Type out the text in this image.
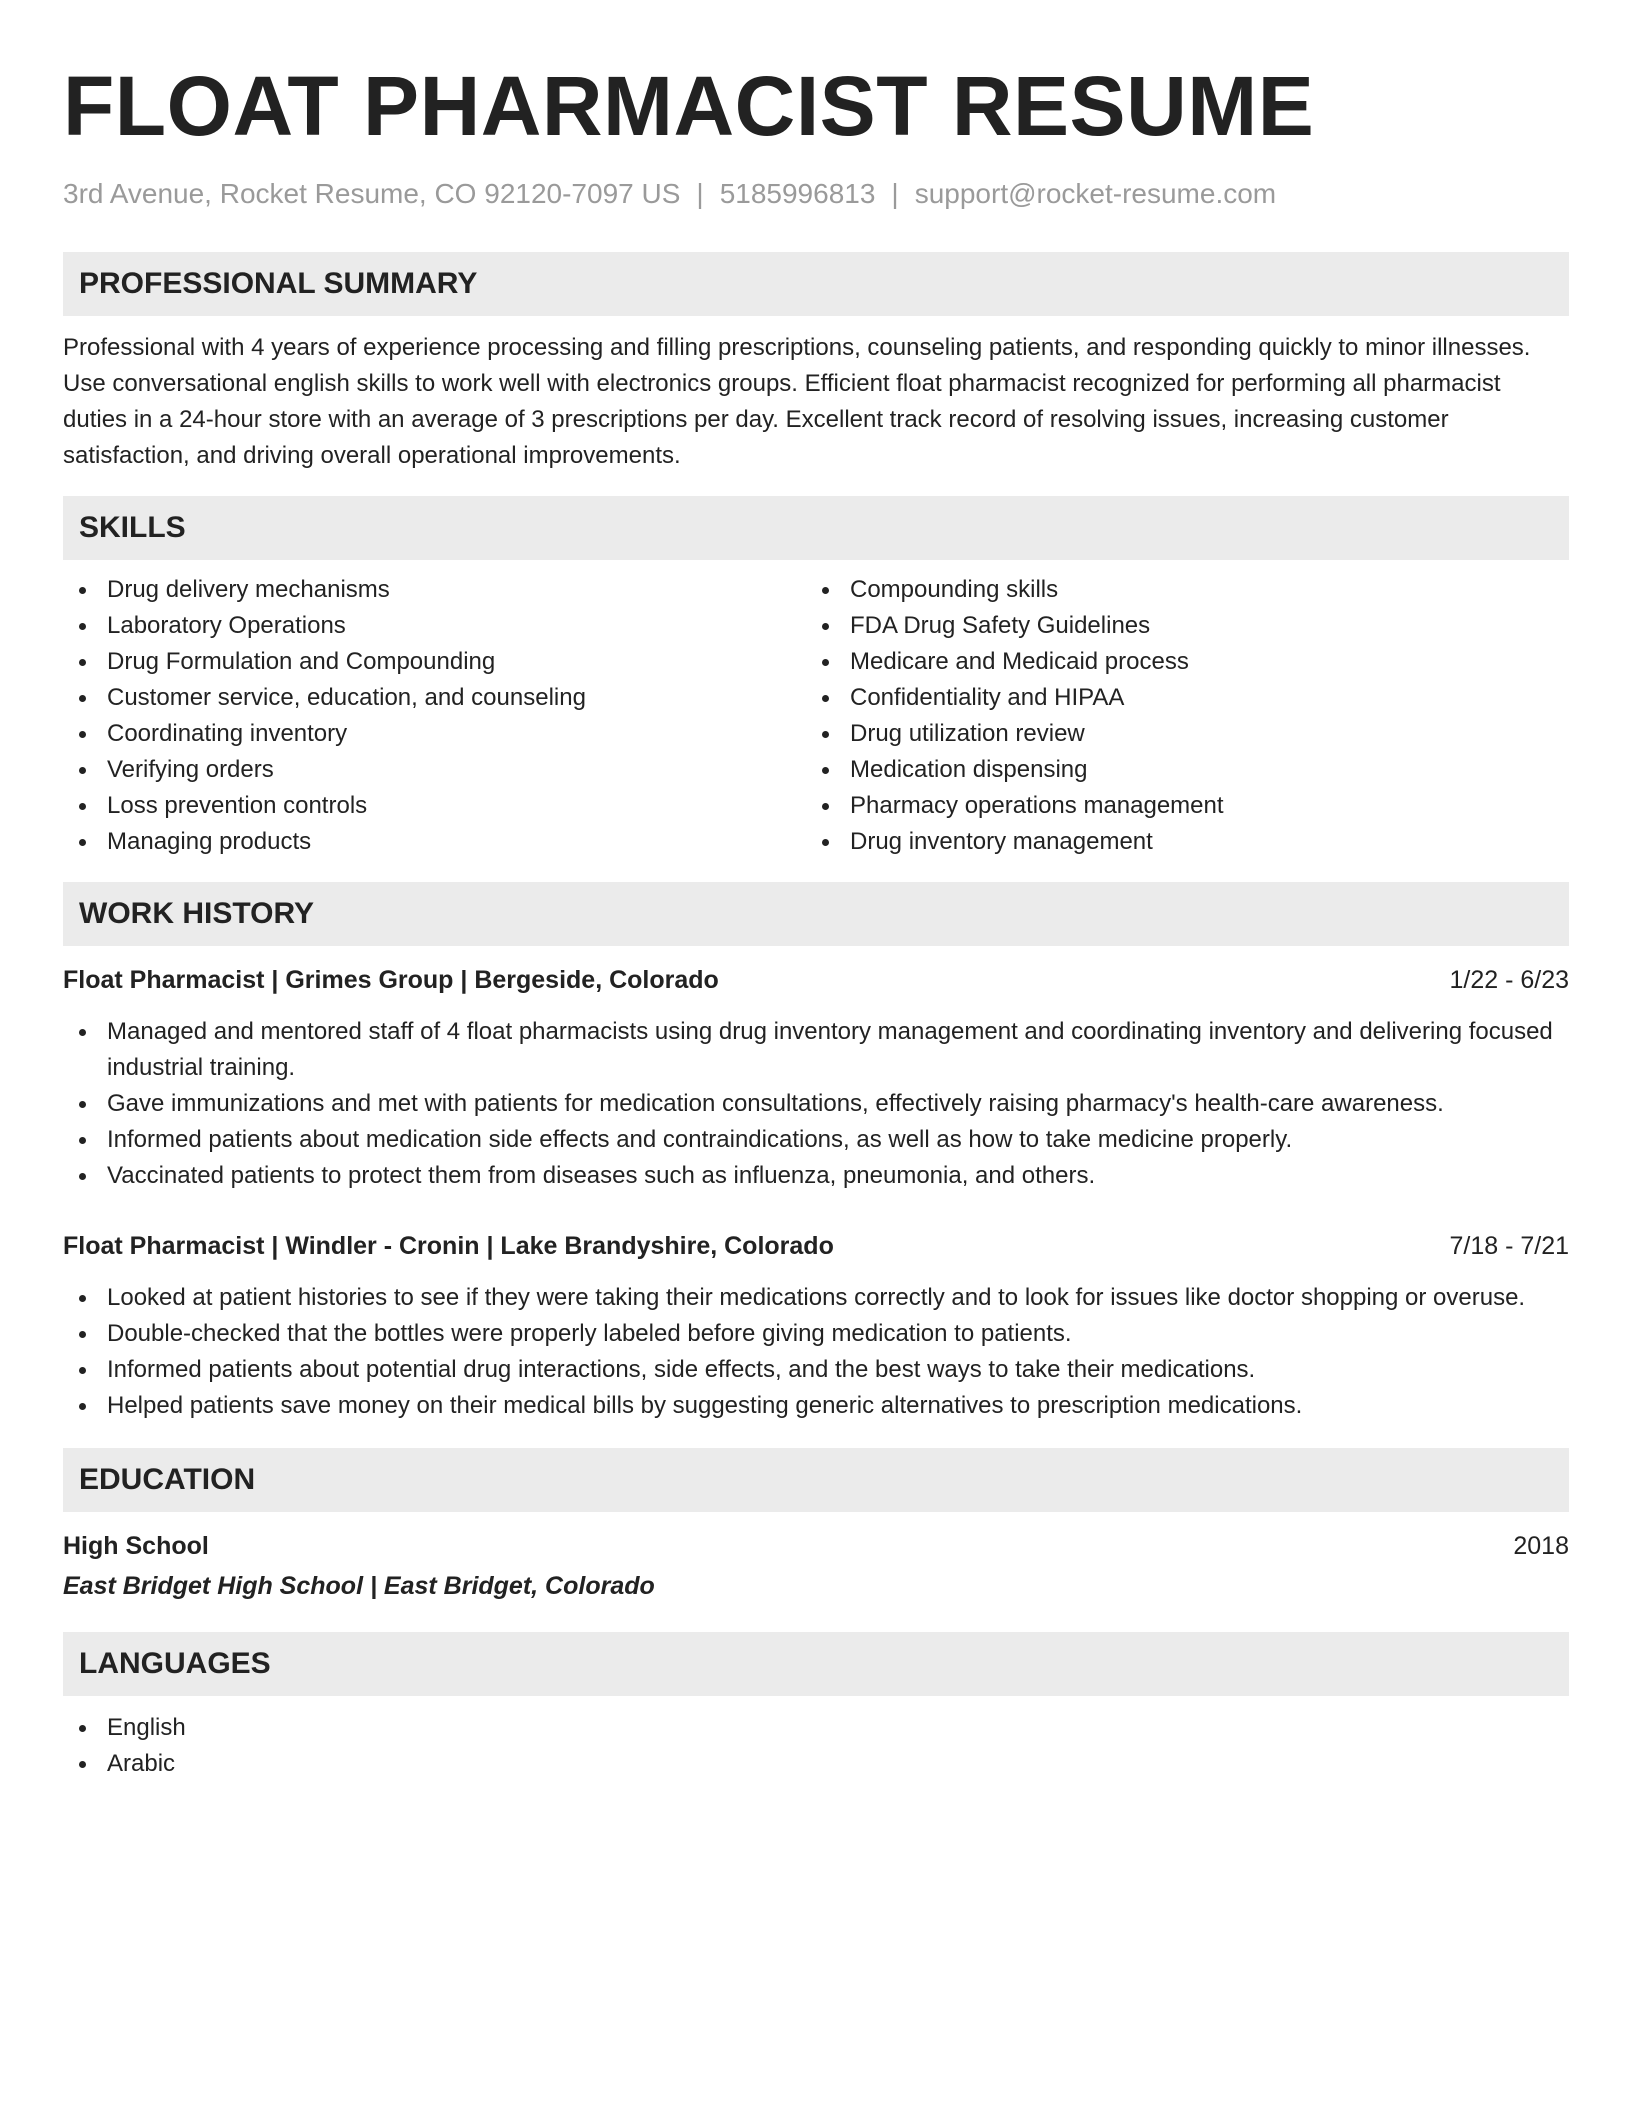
FLOAT PHARMACIST RESUME
3rd Avenue, Rocket Resume, CO 92120-7097 US | 5185996813 | support@rocket-resume.com
PROFESSIONAL SUMMARY

Professional with 4 years of experience processing and filling prescriptions, counseling patients, and responding quickly to minor illnesses. Use conversational english skills to work well with electronics groups. Efficient float pharmacist recognized for performing all pharmacist duties in a 24-hour store with an average of 3 prescriptions per day. Excellent track record of resolving issues, increasing customer satisfaction, and driving overall operational improvements.

SKILLS
Drug delivery mechanisms
Laboratory Operations
Drug Formulation and Compounding
Customer service, education, and counseling
Coordinating inventory
Verifying orders
Loss prevention controls
Managing products
Compounding skills
FDA Drug Safety Guidelines
Medicare and Medicaid process
Confidentiality and HIPAA
Drug utilization review
Medication dispensing
Pharmacy operations management
Drug inventory management
WORK HISTORY
Float Pharmacist | Grimes Group | Bergeside, Colorado	1/22 - 6/23
Managed and mentored staff of 4 float pharmacists using drug inventory management and coordinating inventory and delivering focused industrial training.
Gave immunizations and met with patients for medication consultations, effectively raising pharmacy's health-care awareness.
Informed patients about medication side effects and contraindications, as well as how to take medicine properly.
Vaccinated patients to protect them from diseases such as influenza, pneumonia, and others.
Float Pharmacist | Windler - Cronin | Lake Brandyshire, Colorado	7/18 - 7/21
Looked at patient histories to see if they were taking their medications correctly and to look for issues like doctor shopping or overuse.
Double-checked that the bottles were properly labeled before giving medication to patients.
Informed patients about potential drug interactions, side effects, and the best ways to take their medications.
Helped patients save money on their medical bills by suggesting generic alternatives to prescription medications.
EDUCATION
High School	2018
East Bridget High School | East Bridget, Colorado
LANGUAGES
English
Arabic
